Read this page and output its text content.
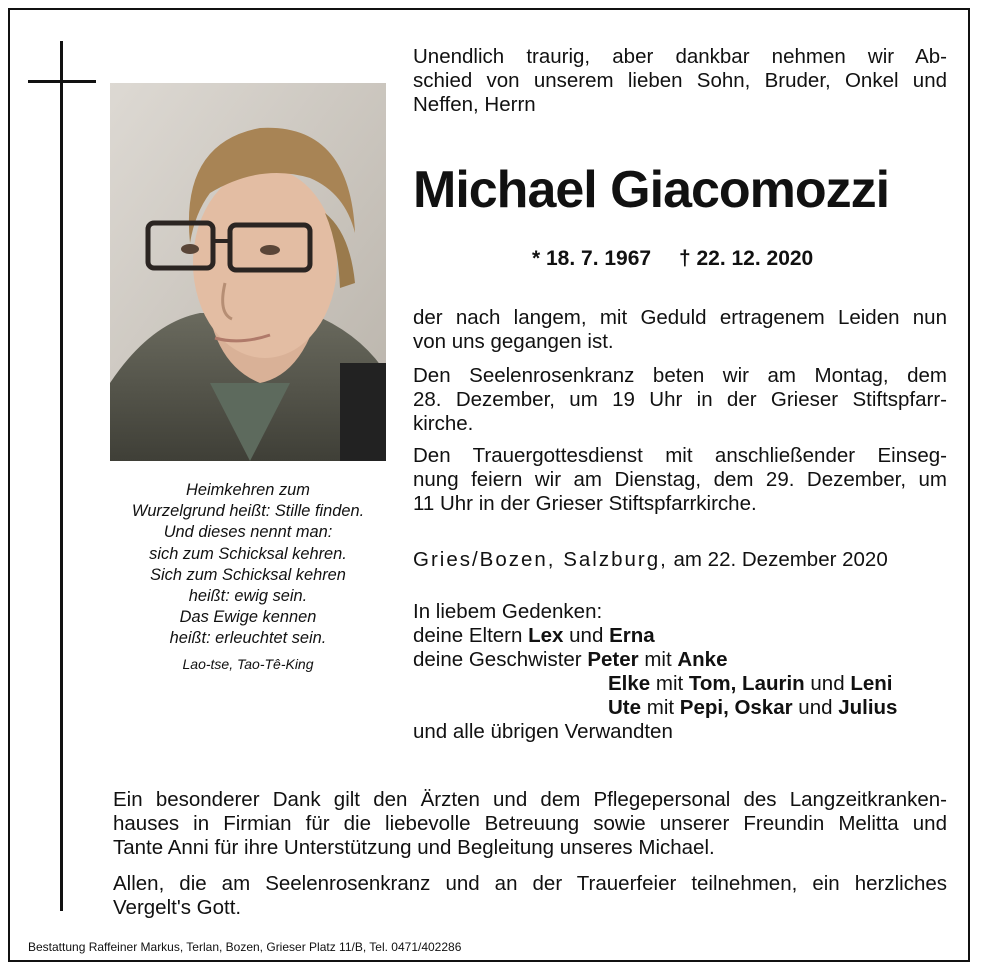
Heimkehren zum
Wurzelgrund heißt: Stille finden.
Und dieses nennt man:
sich zum Schicksal kehren.
Sich zum Schicksal kehren
heißt: ewig sein.
Das Ewige kennen
heißt: erleuchtet sein.
Lao-tse, Tao-Tê-King
Unendlich traurig, aber dankbar nehmen wir Ab-
schied von unserem lieben Sohn, Bruder, Onkel und
Neffen, Herrn
Michael Giacomozzi
* 18. 7. 1967 † 22. 12. 2020
der nach langem, mit Geduld ertragenem Leiden nun
von uns gegangen ist.
Den Seelenrosenkranz beten wir am Montag, dem
28. Dezember, um 19 Uhr in der Grieser Stiftspfarr-
kirche.
Den Trauergottesdienst mit anschließender Einseg-
nung feiern wir am Dienstag, dem 29. Dezember, um
11 Uhr in der Grieser Stiftspfarrkirche.
Gries/Bozen, Salzburg, am 22. Dezember 2020
In liebem Gedenken:
deine Eltern Lex und Erna
deine Geschwister Peter mit Anke
Elke mit Tom, Laurin und Leni
Ute mit Pepi, Oskar und Julius
und alle übrigen Verwandten
Ein besonderer Dank gilt den Ärzten und dem Pflegepersonal des Langzeitkranken-
hauses in Firmian für die liebevolle Betreuung sowie unserer Freundin Melitta und
Tante Anni für ihre Unterstützung und Begleitung unseres Michael.
Allen, die am Seelenrosenkranz und an der Trauerfeier teilnehmen, ein herzliches
Vergelt's Gott.
Bestattung Raffeiner Markus, Terlan, Bozen, Grieser Platz 11/B, Tel. 0471/402286
